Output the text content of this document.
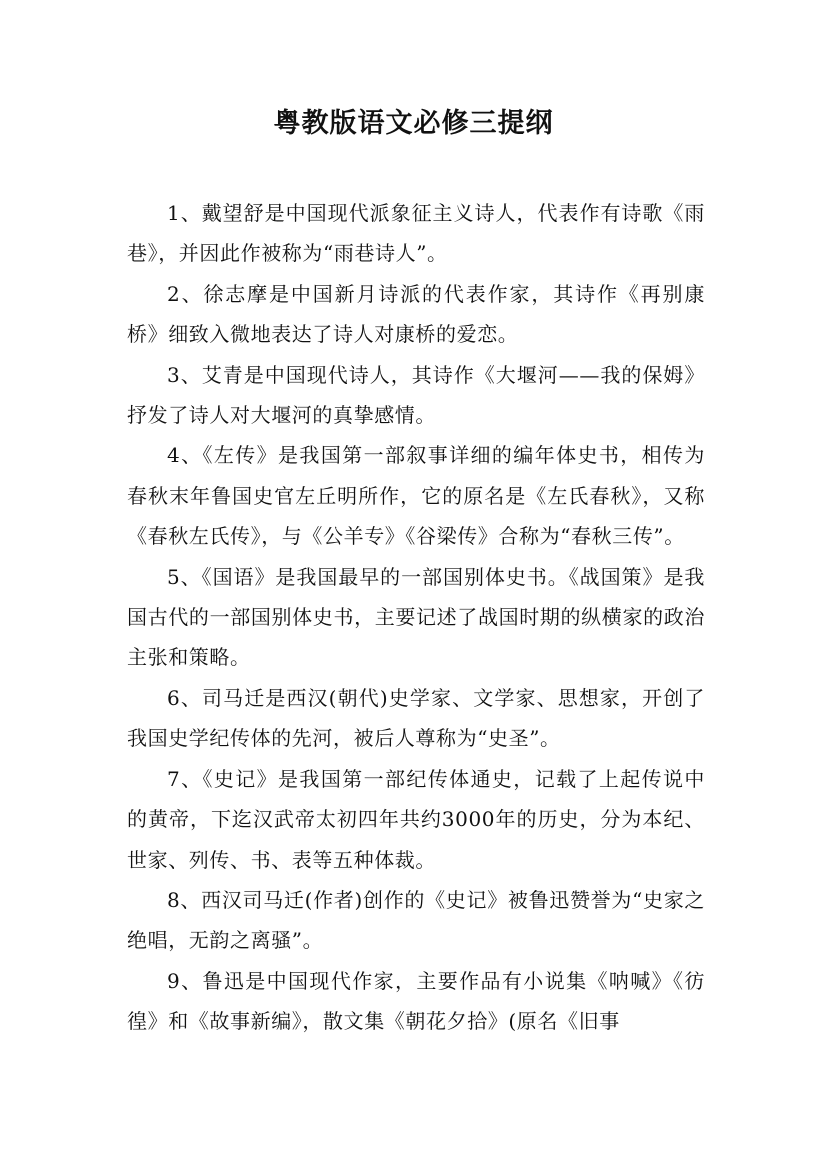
粤教版语文必修三提纲

1、戴望舒是中国现代派象征主义诗人，代表作有诗歌《雨巷》，并因此作被称为“雨巷诗人”。

2、徐志摩是中国新月诗派的代表作家，其诗作《再别康桥》细致入微地表达了诗人对康桥的爱恋。

3、艾青是中国现代诗人，其诗作《大堰河——我的保姆》抒发了诗人对大堰河的真挚感情。

4、《左传》是我国第一部叙事详细的编年体史书，相传为春秋末年鲁国史官左丘明所作，它的原名是《左氏春秋》，又称《春秋左氏传》，与《公羊专》《谷梁传》合称为“春秋三传”。

5、《国语》是我国最早的一部国别体史书。《战国策》是我国古代的一部国别体史书，主要记述了战国时期的纵横家的政治主张和策略。

6、司马迁是西汉(朝代)史学家、文学家、思想家，开创了我国史学纪传体的先河，被后人尊称为“史圣”。

7、《史记》是我国第一部纪传体通史，记载了上起传说中的黄帝，下迄汉武帝太初四年共约3000年的历史，分为本纪、世家、列传、书、表等五种体裁。

8、西汉司马迁(作者)创作的《史记》被鲁迅赞誉为“史家之绝唱，无韵之离骚”。

9、鲁迅是中国现代作家，主要作品有小说集《呐喊》《彷徨》和《故事新编》，散文集《朝花夕拾》(原名《旧事
